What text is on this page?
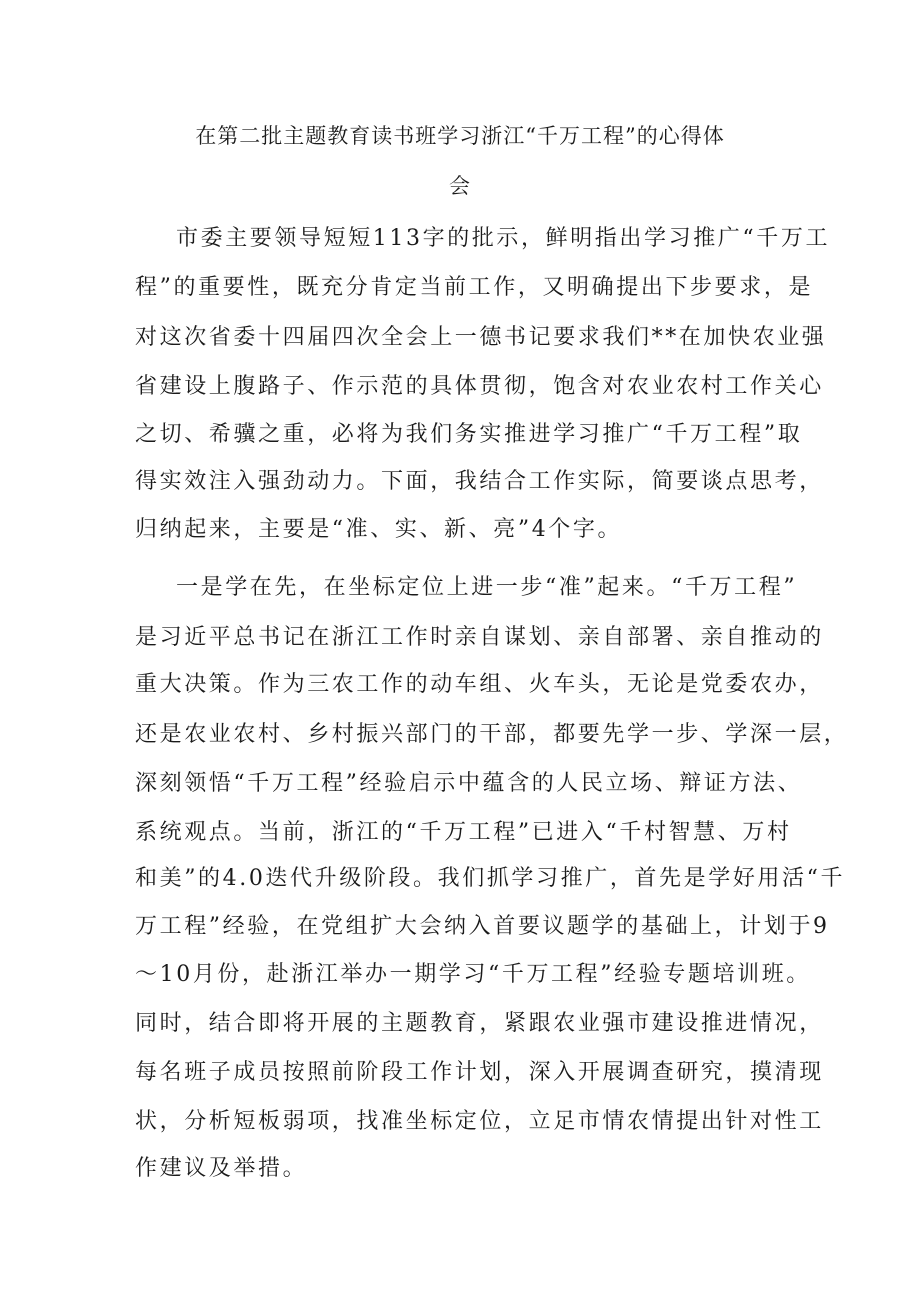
在第二批主题教育读书班学习浙江“千万工程”的心得体
会
市委主要领导短短113字的批示，鲜明指出学习推广“千万工
程”的重要性，既充分肯定当前工作，又明确提出下步要求，是
对这次省委十四届四次全会上一德书记要求我们**在加快农业强
省建设上腹路子、作示范的具体贯彻，饱含对农业农村工作关心
之切、希骥之重，必将为我们务实推进学习推广“千万工程”取
得实效注入强劲动力。下面，我结合工作实际，简要谈点思考，
归纳起来，主要是“准、实、新、亮”4个字。
一是学在先，在坐标定位上进一步“准”起来。“千万工程”
是习近平总书记在浙江工作时亲自谋划、亲自部署、亲自推动的
重大决策。作为三农工作的动车组、火车头，无论是党委农办，
还是农业农村、乡村振兴部门的干部，都要先学一步、学深一层，
深刻领悟“千万工程”经验启示中蕴含的人民立场、辩证方法、
系统观点。当前，浙江的“千万工程”已进入“千村智慧、万村
和美”的4.0迭代升级阶段。我们抓学习推广，首先是学好用活“千
万工程”经验，在党组扩大会纳入首要议题学的基础上，计划于9
～10月份，赴浙江举办一期学习“千万工程”经验专题培训班。
同时，结合即将开展的主题教育，紧跟农业强市建设推进情况，
每名班子成员按照前阶段工作计划，深入开展调查研究，摸清现
状，分析短板弱项，找准坐标定位，立足市情农情提出针对性工
作建议及举措。
